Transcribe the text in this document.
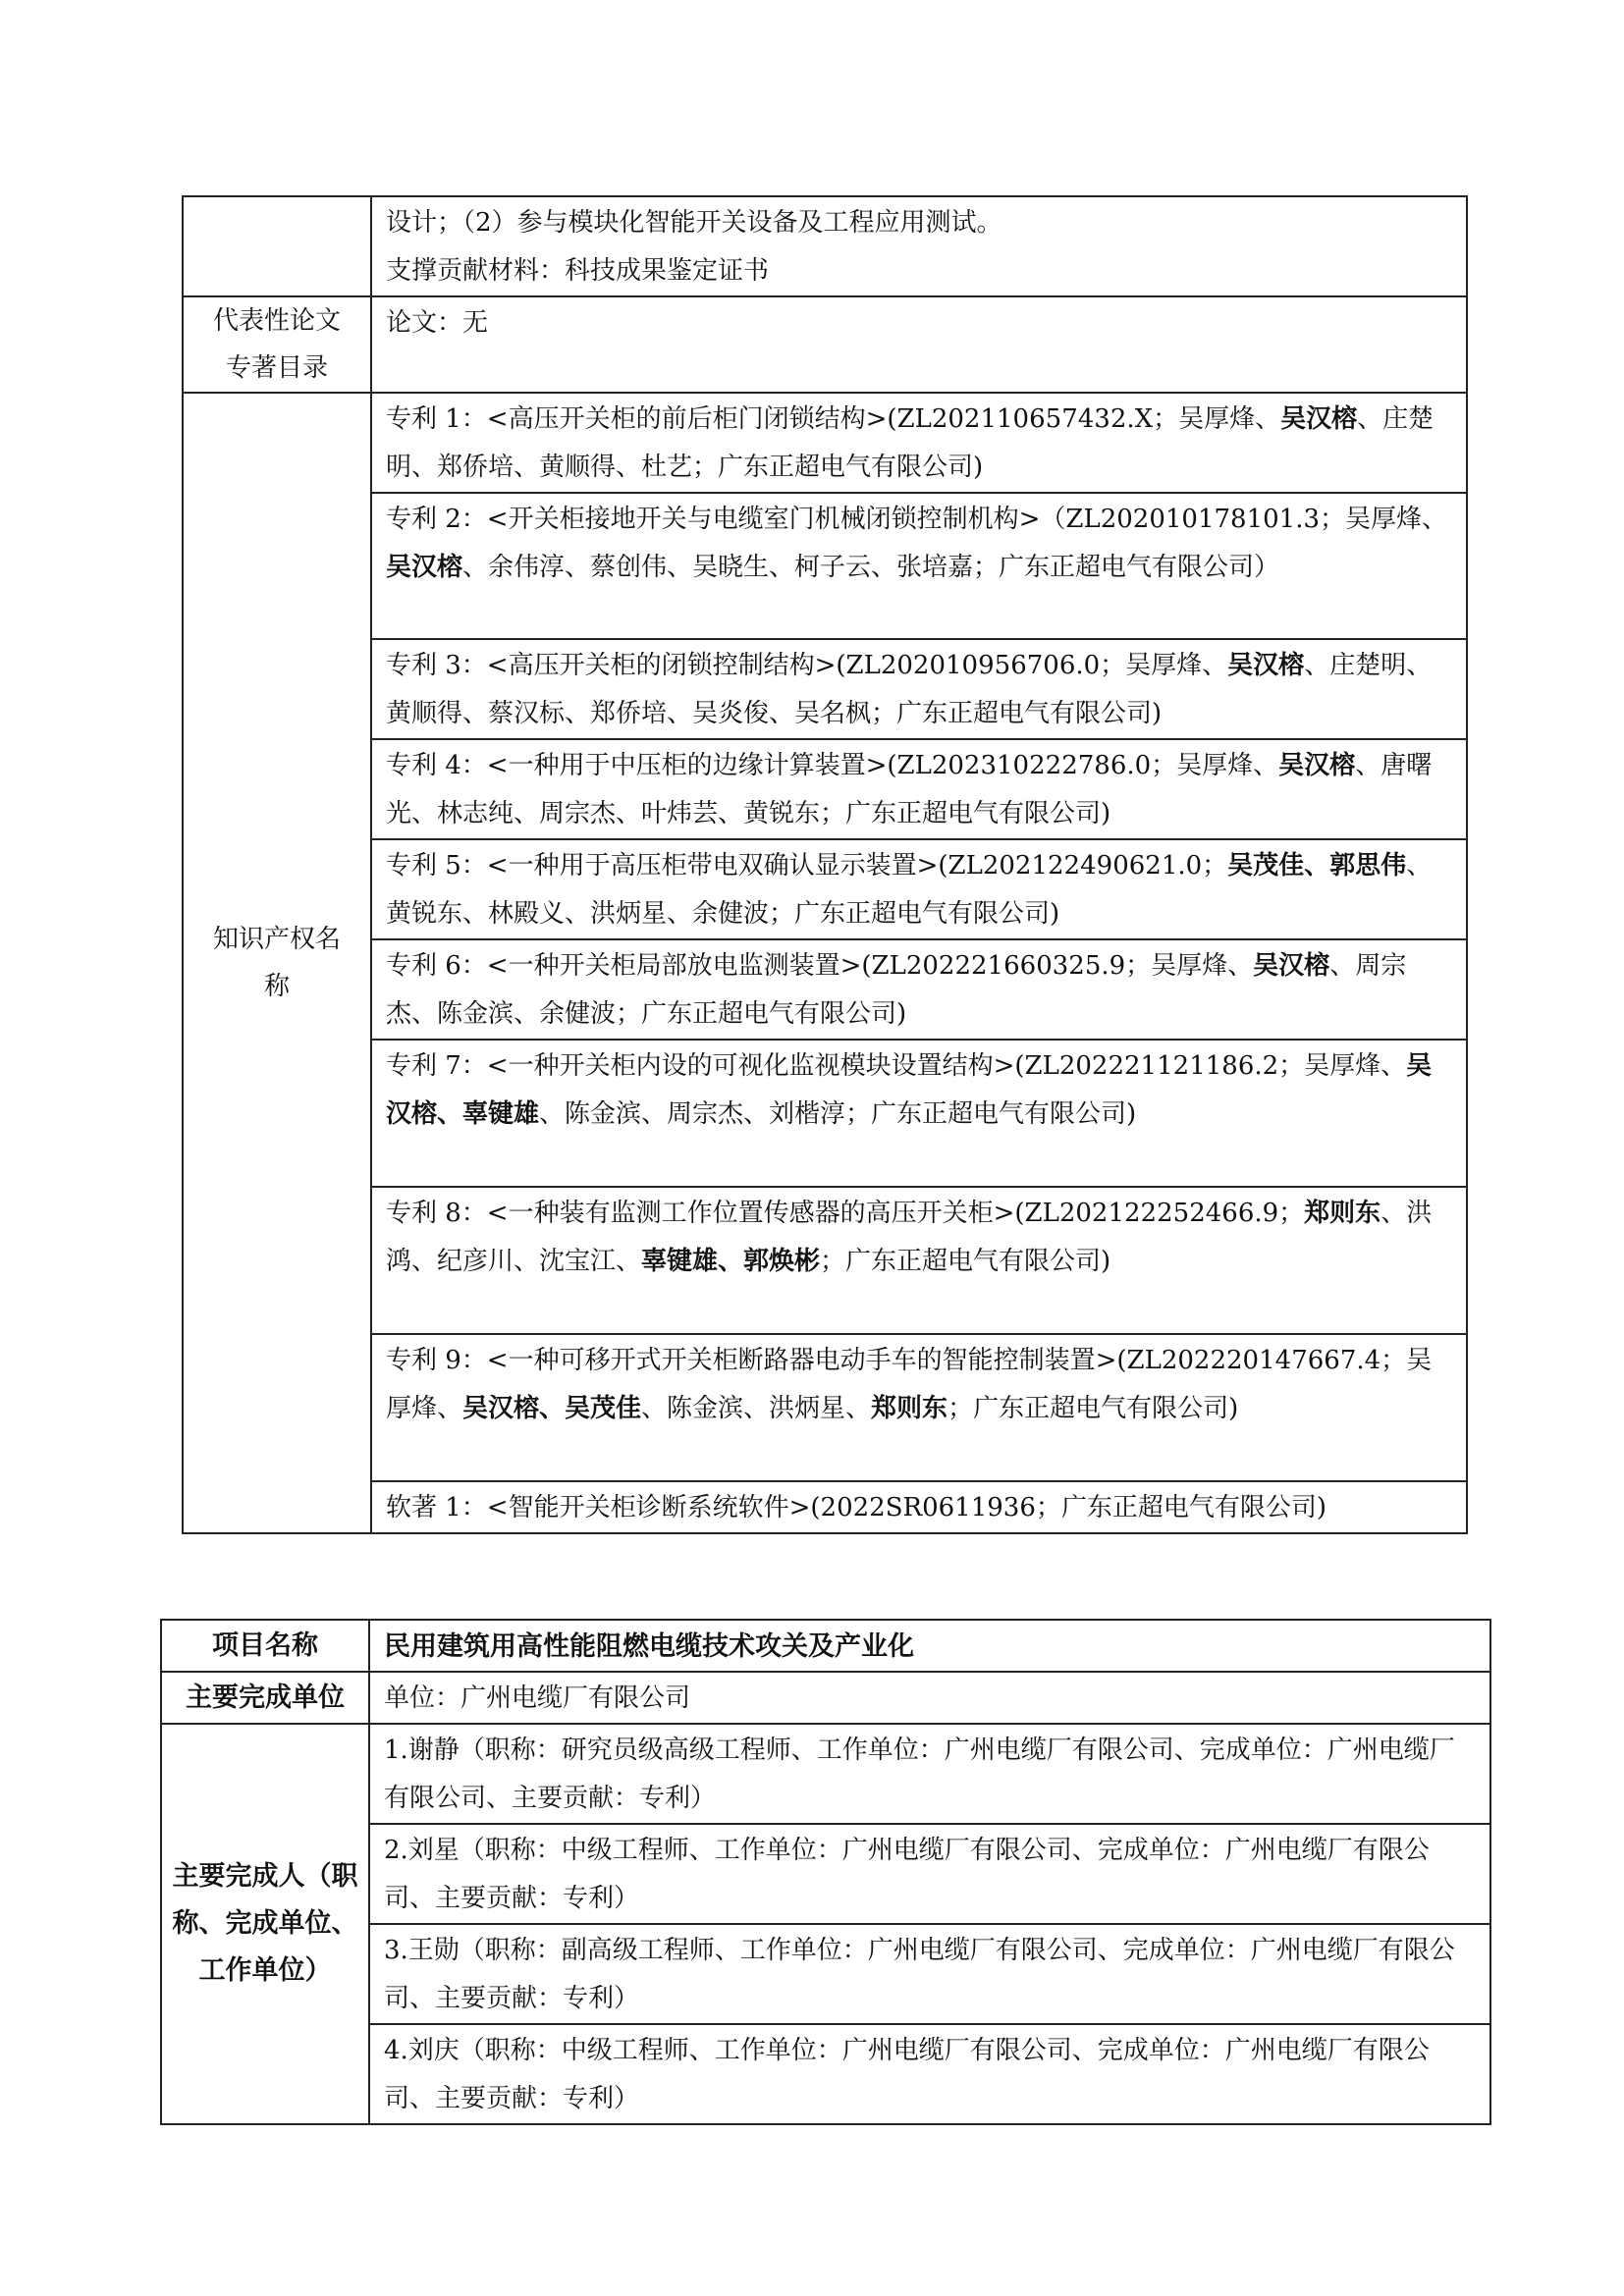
	设计；（2）参与模块化智能开关设备及工程应用测试。
支撑贡献材料：科技成果鉴定证书

代表性论文专著目录	论文：无
知识产权名称	专利 1：<高压开关柜的前后柜门闭锁结构>(ZL202110657432.X；吴厚烽、吴汉榕、庄楚明、郑侨培、黄顺得、杜艺；广东正超电气有限公司)
	专利 2：<开关柜接地开关与电缆室门机械闭锁控制机构>（ZL202010178101.3；吴厚烽、吴汉榕、余伟淳、蔡创伟、吴晓生、柯子云、张培嘉；广东正超电气有限公司）
	专利 3：<高压开关柜的闭锁控制结构>(ZL202010956706.0；吴厚烽、吴汉榕、庄楚明、黄顺得、蔡汉标、郑侨培、吴炎俊、吴名枫；广东正超电气有限公司)
	专利 4：<一种用于中压柜的边缘计算装置>(ZL202310222786.0；吴厚烽、吴汉榕、唐曙光、林志纯、周宗杰、叶炜芸、黄锐东；广东正超电气有限公司)
	专利 5：<一种用于高压柜带电双确认显示装置>(ZL202122490621.0；吴茂佳、郭思伟、黄锐东、林殿义、洪炳星、余健波；广东正超电气有限公司)
	专利 6：<一种开关柜局部放电监测装置>(ZL202221660325.9；吴厚烽、吴汉榕、周宗杰、陈金滨、余健波；广东正超电气有限公司)
	专利 7：<一种开关柜内设的可视化监视模块设置结构>(ZL202221121186.2；吴厚烽、吴汉榕、辜键雄、陈金滨、周宗杰、刘楷淳；广东正超电气有限公司)
	专利 8：<一种装有监测工作位置传感器的高压开关柜>(ZL202122252466.9；郑则东、洪鸿、纪彦川、沈宝江、辜键雄、郭焕彬；广东正超电气有限公司)
	专利 9：<一种可移开式开关柜断路器电动手车的智能控制装置>(ZL202220147667.4；吴厚烽、吴汉榕、吴茂佳、陈金滨、洪炳星、郑则东；广东正超电气有限公司)
	软著 1：<智能开关柜诊断系统软件>(2022SR0611936；广东正超电气有限公司)
项目名称	民用建筑用高性能阻燃电缆技术攻关及产业化
主要完成单位	单位：广州电缆厂有限公司
主要完成人（职称、完成单位、工作单位）	1.谢静（职称：研究员级高级工程师、工作单位：广州电缆厂有限公司、完成单位：广州电缆厂有限公司、主要贡献：专利）
	2.刘星（职称：中级工程师、工作单位：广州电缆厂有限公司、完成单位：广州电缆厂有限公司、主要贡献：专利）
	3.王勋（职称：副高级工程师、工作单位：广州电缆厂有限公司、完成单位：广州电缆厂有限公司、主要贡献：专利）
	4.刘庆（职称：中级工程师、工作单位：广州电缆厂有限公司、完成单位：广州电缆厂有限公司、主要贡献：专利）
